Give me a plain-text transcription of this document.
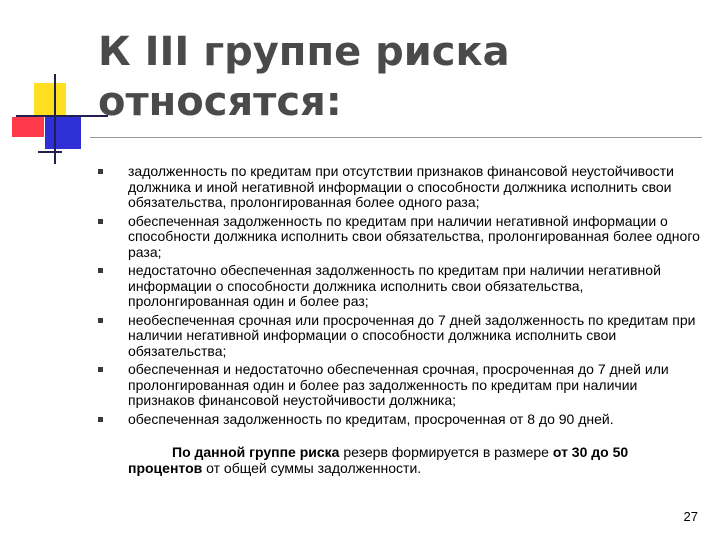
К III группе риска
относятся:
задолженность по кредитам при отсутствии признаков финансовой неустойчивости должника и иной негативной информации о способности должника исполнить свои обязательства, пролонгированная более одного раза;
обеспеченная задолженность по кредитам при наличии негативной информации о способности должника исполнить свои обязательства, пролонгированная более одного раза;
недостаточно обеспеченная задолженность по кредитам при наличии негативной информации о способности должника исполнить свои обязательства, пролонгированная один и более раз;
необеспеченная срочная или просроченная до 7 дней задолженность по кредитам при наличии негативной информации о способности должника исполнить свои обязательства;
обеспеченная и недостаточно обеспеченная срочная, просроченная до 7 дней или пролонгированная один и более раз задолженность по кредитам при наличии признаков финансовой неустойчивости должника;
обеспеченная задолженность по кредитам, просроченная от 8 до 90 дней.

По данной группе риска резерв формируется в размере от 30 до 50 процентов от общей суммы задолженности.

27
